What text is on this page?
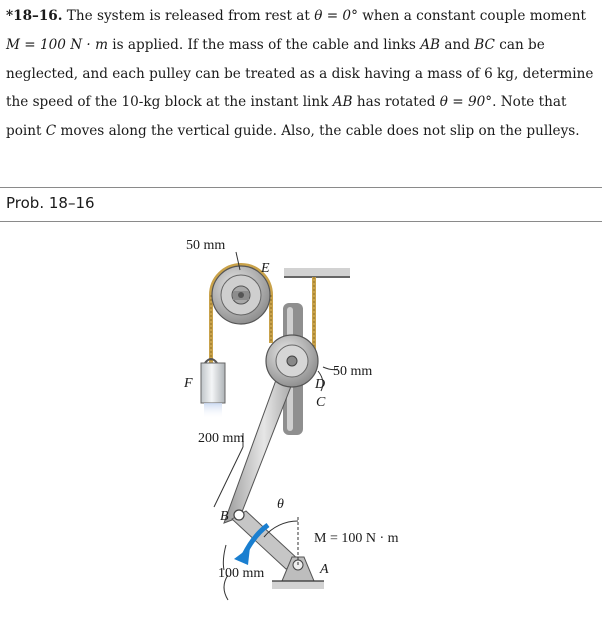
*18–16. The system is released from rest at θ = 0° when a constant couple moment M = 100 N · m is applied. If the mass of the cable and links AB and BC can be neglected, and each pulley can be treated as a disk having a mass of 6 kg, determine the speed of the 10-kg block at the instant link AB has rotated θ = 90°. Note that point C moves along the vertical guide. Also, the cable does not slip on the pulleys.
Prob. 18–16
50 mm
E
F
50 mm
D
C
200 mm
B
θ
M = 100 N · m
A
100 mm
